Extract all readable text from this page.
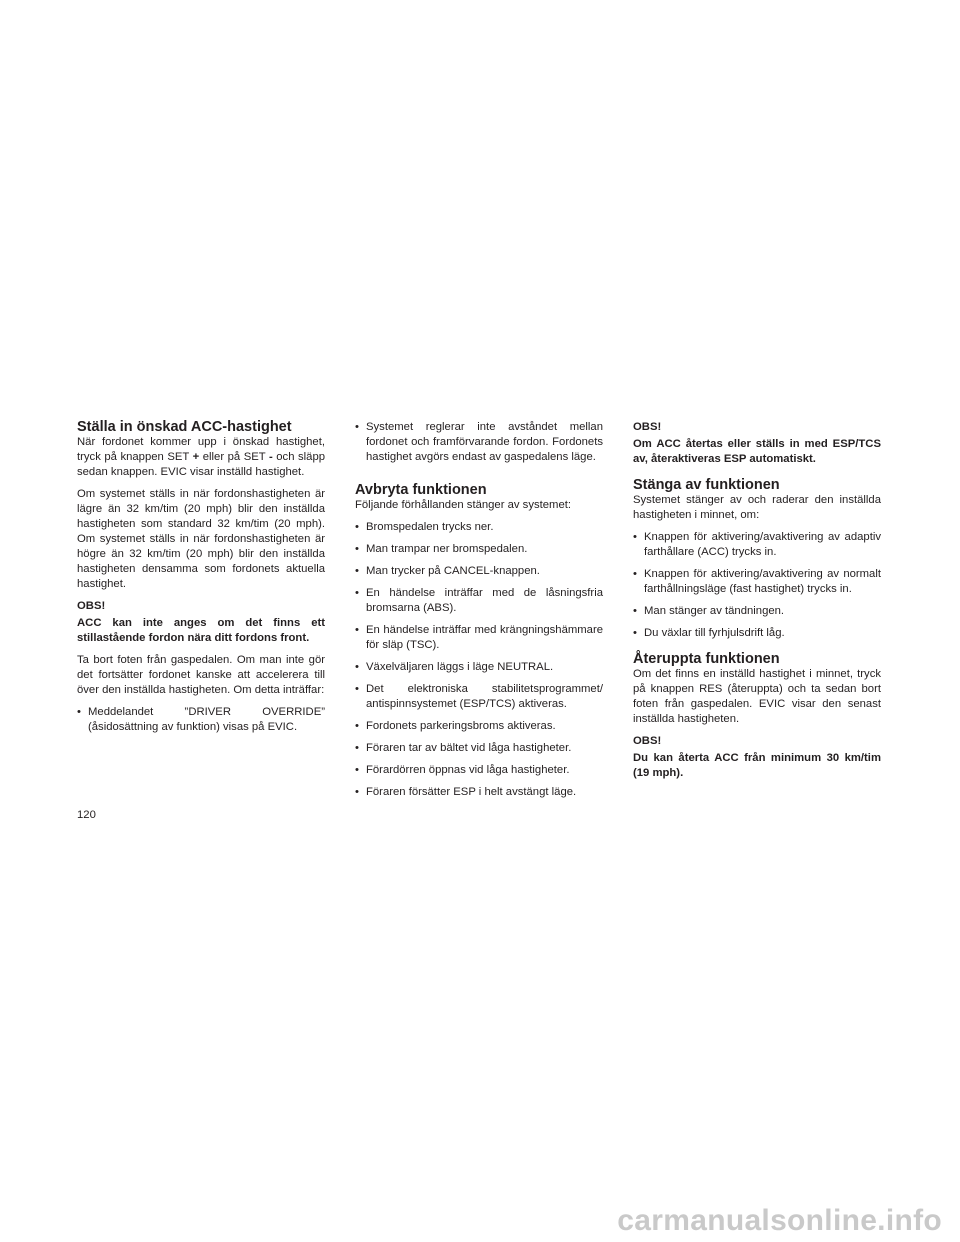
Ställa in önskad ACC-hastighet

När fordonet kommer upp i önskad hastighet, tryck på knappen SET + eller på SET - och släpp sedan knappen. EVIC visar inställd hastighet.

Om systemet ställs in när fordonshastigheten är lägre än 32 km/tim (20 mph) blir den inställda hastigheten som standard 32 km/tim (20 mph). Om systemet ställs in när fordonshastigheten är högre än 32 km/tim (20 mph) blir den inställda hastigheten densamma som fordonets aktuella hastighet.

OBS!

ACC kan inte anges om det finns ett stillastående fordon nära ditt fordons front.

Ta bort foten från gaspedalen. Om man inte gör det fortsätter fordonet kanske att accelerera till över den inställda hastigheten. Om detta inträffar:

• Meddelandet ”DRIVER OVERRIDE” (åsidosättning av funktion) visas på EVIC.
• Systemet reglerar inte avståndet mellan fordonet och framförvarande fordon. Fordonets hastighet avgörs endast av gaspedalens läge.
Avbryta funktionen

Följande förhållanden stänger av systemet:

• Bromspedalen trycks ner.
• Man trampar ner bromspedalen.
• Man trycker på CANCEL-knappen.
• En händelse inträffar med de låsningsfria bromsarna (ABS).
• En händelse inträffar med krängningshämmare för släp (TSC).
• Växelväljaren läggs i läge NEUTRAL.
• Det elektroniska stabilitetsprogrammet/ antispinnsystemet (ESP/TCS) aktiveras.
• Fordonets parkeringsbroms aktiveras.
• Föraren tar av bältet vid låga hastigheter.
• Förardörren öppnas vid låga hastigheter.
• Föraren försätter ESP i helt avstängt läge.

OBS!

Om ACC återtas eller ställs in med ESP/TCS av, återaktiveras ESP automatiskt.

Stänga av funktionen

Systemet stänger av och raderar den inställda hastigheten i minnet, om:

• Knappen för aktivering/avaktivering av adaptiv farthållare (ACC) trycks in.
• Knappen för aktivering/avaktivering av normalt farthållningsläge (fast hastighet) trycks in.
• Man stänger av tändningen.
• Du växlar till fyrhjulsdrift låg.
Återuppta funktionen

Om det finns en inställd hastighet i minnet, tryck på knappen RES (återuppta) och ta sedan bort foten från gaspedalen. EVIC visar den senast inställda hastigheten.

OBS!

Du kan återta ACC från minimum 30 km/tim (19 mph).

120
carmanualsonline.info
